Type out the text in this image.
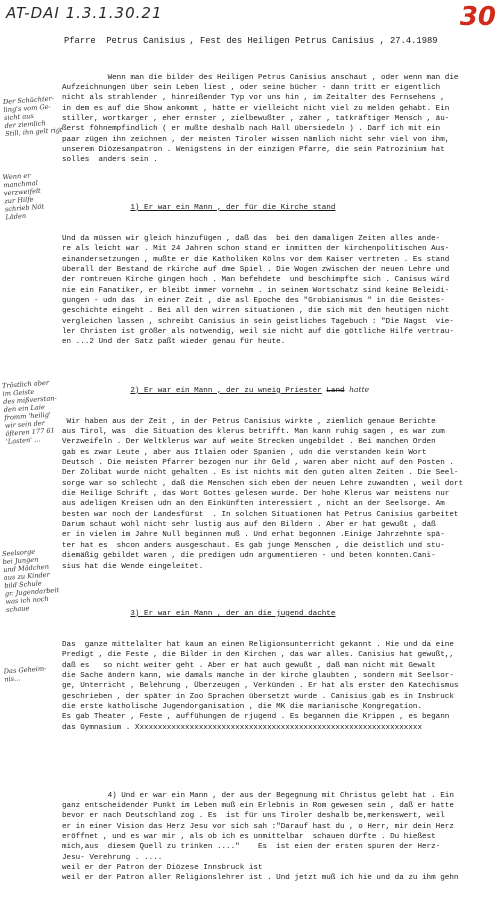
AT-DAI 1.3.1.30.21	30
Pfarre  Petrus Canisius , Fest des Heiligen Petrus Canisius , 27.4.1989
Der Schüchter-
ling's vom Ge-
sicht aus
der ziemlich
Still, ihn gelt rigt
Wenn er
manchmal
verzweifelt
zur Hilfe
schrieb Nöt
Läden
Tröstlich aber
im Geiste
des mißverstan-
den ein Laie
fromm 'heilig'
wir sein der
öfteren 177 61
'Lasten' ...
Seelsorge
bei Jungen
und Mädchen
aus zu Kinder
bild Schule
gr. Jugendarbeit
was ich noch
schaue
Das Geheim-
nis...

Wenn man die bilder des Heiligen Petrus Canisius anschaut , oder wenn man die
Aufzeichnungen über sein Leben liest , oder seine bücher - dann tritt er eigentlich
nicht als strahlender , hinreißender Typ vor uns hin , im Zeitalter des Fernsehens ,
in dem es auf die Show ankommt , hätte er vielleicht nicht viel zu melden gehabt. Ein
stiller, wortkarger , eher ernster , zielbewußter , zäher , tatkräftiger Mensch , äu-
ßerst föhnempfindlich ( er mußte deshalb nach Hall übersiedeln ) . Darf ich mit ein
paar zügen ihn zeichnen , der meisten Tiroler wissen nämlich nicht sehr viel von ihm,
unserem Diözesanpatron . Wenigstens in der einzigen Pfarre, die sein Patrozinium hat
solles  anders sein .

1) Er war ein Mann , der für die Kirche stand

Und da müssen wir gleich hinzufügen , daß das  bei den damaligen Zeiten alles ande-
re als leicht war . Mit 24 Jahren schon stand er inmitten der kirchenpolitischen Aus-
einandersetzungen , mußte er die Katholiken Kölns vor dem Kaiser vertreten . Es stand
überall der Bestand de rkirche auf dme Spiel . Die Wogen zwischen der neuen Lehre und
der romtreuen Kirche gingen hoch . Man befehdete  und beschimpfte sich . Canisus wird
nie ein Fanatiker, er bleibt immer vornehm . in seinem Wortschatz sind keine Beleidi-
gungen - udn das  in einer Zeit , die asl Epoche des "Grobianismus " in die Geistes-
geschichte eingeht . Bei all den wirren situationen , die sich mit den heutigen nicht
vergleichen lassen , schreibt Canisius in sein geistliches Tagebuch : "Die Nagst  vie-
ler Christen ist größer als notwendig, weil sie nicht auf die göttliche Hilfe vertrau-
en ...2 Und der Satz paßt wieder genau für heute.

2) Er war ein Mann , der zu wneig Priester Land hatte

Wir haben aus der Zeit , in der Petrus Canisius wirkte , ziemlich genaue Berichte
aus Tirol, was  die Situation des klerus betrifft. Man kann ruhig sagen , es war zum
Verzweifeln . Der Weltklerus war auf weite Strecken ungebildet . Bei manchen Orden
gab es zwar Leute , aber aus Itlaien oder Spanien , udn die verstanden kein Wort
Deutsch . Die meisten Pfarrer bezogen nur ihr Geld , waren aber nicht auf den Posten .
Der Zölibat wurde nicht gehalten . Es ist nichts mit den guten alten Zeiten . Die Seel-
sorge war so schlecht , daß die Menschen sich eben der neuen Lehre zuwandten , weil dort
die Heilige Schrift , das Wort Gottes gelesen wurde. Der hohe Klerus war meistens nur
aus adeligen Kreisen udn an den Einkünften interessiert , nicht an der Seelsorge. Am
besten war noch der Landesfürst  . In solchen Situationen hat Petrus Canisius garbeitet
Darum schaut wohl nicht sehr lustig aus auf den Bildern . Aber er hat gewußt , daß
er in vielen im Jahre Null beginnen muß . Und erhat begonnen .Einige Jahrzehnte spä-
ter hat es  shcon anders ausgeschaut. Es gab junge Menschen , die deistlich und stu-
diemäßig gebildet waren , die predigen udn argumentieren - und beten konnten.Cani-
sius hat die Wende eingeleitet.

3) Er war ein Mann , der an die jugend dachte

Das  ganze mittelalter hat kaum an einen Religionsunterricht gekannt . Hie und da eine
Predigt , die Feste , die Bilder in den Kirchen , das war alles. Canisius hat gewußt,,
daß es   so nicht weiter geht . Aber er hat auch gewußt , daß man nicht mit Gewalt
die Sache ändern kann, wie damals manche in der kirche glaubten , sondern mit Seelsor-
ge, Unterricht , Belehrung , Überzeugen , Verkünden . Er hat als erster den Katechismus
geschrieben , der später in Zoo Sprachen übersetzt wurde . Canisius gab es in Insbruck
die erste katholische Jugendorganisation , die MK die marianische Kongregation.
Es gab Theater , Feste , auffühungen de rjugend . Es begannen die Krippen , es begann
das Gymnasium . Xxxxxxxxxxxxxxxxxxxxxxxxxxxxxxxxxxxxxxxxxxxxxxxxxxxxxxxxxxxxxxx

4) Und er war ein Mann , der aus der Begegnung mit Christus gelebt hat . Ein
ganz entscheidender Punkt im Leben muß ein Erlebnis in Rom gewesen sein , daß er hatte
bevor er nach Deutschland zog . Es  ist für uns Tiroler deshalb be,merkenswert, weil
er in einer Vision das Herz Jesu vor sich sah :"Darauf hast du , o Herr, mir dein Herz
eröffnet , und es war mir , als ob ich es unmittelbar  schauen dürfte . Du hießest
mich,aus  diesem Quell zu trinken ...."    Es  ist eien der ersten spuren der Herz-
Jesu- Verehrung . ....
weil er der Patron der Diözese Innsbruck ist
weil er der Patron aller Religionslehrer ist . Und jetzt muß ich hie und da zu ihm gehn
